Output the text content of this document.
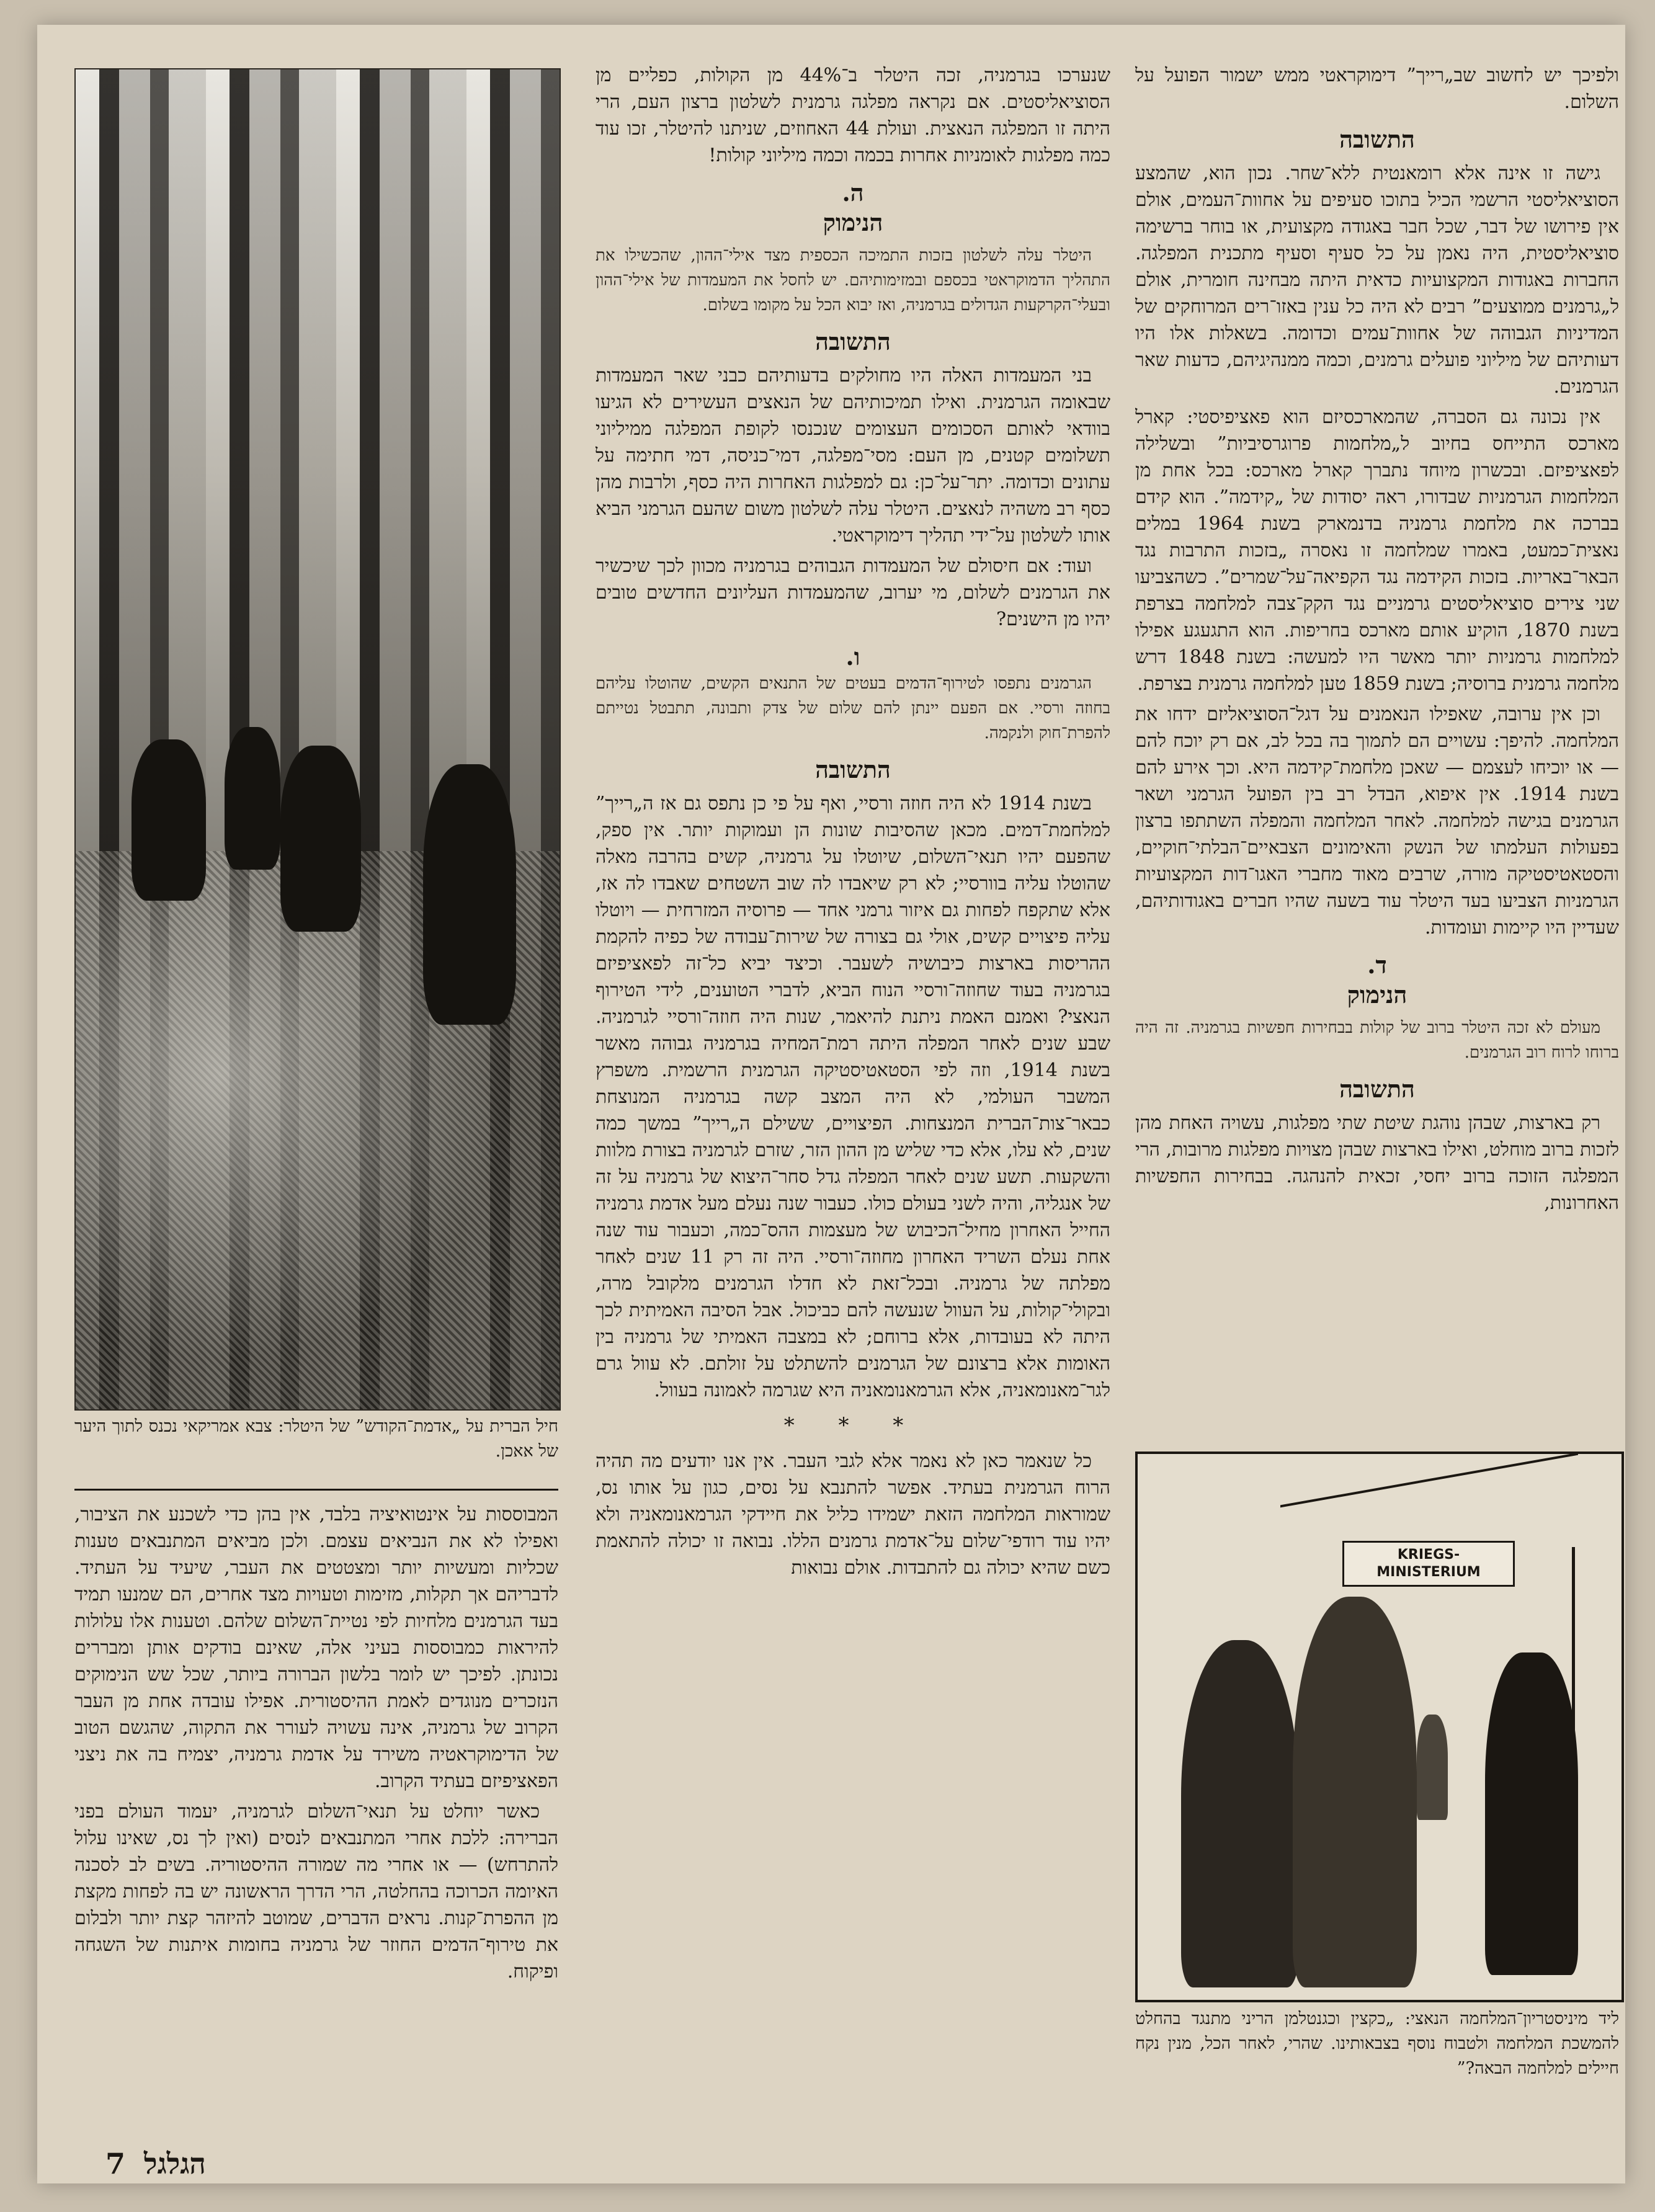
ולפיכך יש לחשוב שב„רייך” דימוקראטי ממש ישמור הפועל על השלום.

התשובה

גישה זו אינה אלא רומאנטית ללא־שחר. נכון הוא, שהמצע הסוציאליסטי הרשמי הכיל בתוכו סעיפים על אחוות־העמים, אולם אין פירושו של דבר, שכל חבר באגודה מקצועית, או בוחר ברשימה סוציאליסטית, היה נאמן על כל סעיף וסעיף מתכנית המפלגה. החברות באגודות המקצועיות כדאית היתה מבחינה חומרית, אולם ל„גרמנים ממוצעים” רבים לא היה כל ענין באזו־רים המרוחקים של המדיניות הגבוהה של אחוות־עמים וכדומה. בשאלות אלו היו דעותיהם של מיליוני פועלים גרמנים, וכמה ממנהיגיהם, כדעות שאר הגרמנים.

אין נכונה גם הסברה, שהמארכסיזם הוא פאציפיסטי: קארל מארכס התייחס בחיוב ל„מלחמות פרוגרסיביות” ובשלילה לפאציפיזם. ובכשרון מיוחד נתברך קארל מארכס: בכל אחת מן המלחמות הגרמניות שבדורו, ראה יסודות של „קידמה”. הוא קידם בברכה את מלחמת גרמניה בדנמארק בשנת 1964 במלים נאצית־כמעט, באמרו שמלחמה זו נאסרה „בזכות התרבות נגד הבאר־באריות. בזכות הקידמה נגד הקפיאה־על־שמרים”. כשהצביעו שני צירים סוציאליסטים גרמניים נגד הקק־צבה למלחמה בצרפת בשנת 1870, הוקיע אותם מארכס בחריפות. הוא התגעגע אפילו למלחמות גרמניות יותר מאשר היו למעשה: בשנת 1848 דרש מלחמה גרמנית ברוסיה; בשנת 1859 טען למלחמה גרמנית בצרפת.

וכן אין ערובה, שאפילו הנאמנים על דגל־הסוציאליזם ידחו את המלחמה. להיפך: עשויים הם לתמוך בה בכל לב, אם רק יוכח להם — או יוכיחו לעצמם — שאכן מלחמת־קידמה היא. וכך אירע להם בשנת 1914. אין איפוא, הבדל רב בין הפועל הגרמני ושאר הגרמנים בגישה למלחמה. לאחר המלחמה והמפלה השתתפו ברצון בפעולות העלמתו של הנשק והאימונים הצבאיים־הבלתי־חוקיים, והסטאטיסטיקה מורה, שרבים מאוד מחברי האגו־דות המקצועיות הגרמניות הצביעו בעד היטלר עוד בשעה שהיו חברים באגודותיהם, שעדיין היו קיימות ועומדות.

ד.
הנימוק

מעולם לא זכה היטלר ברוב של קולות בבחירות חפשיות בגרמניה. זה היה ברוחו לרוח רוב הגרמנים.

התשובה

רק בארצות, שבהן נוהגת שיטת שתי מפלגות, עשויה האחת מהן לזכות ברוב מוחלט, ואילו בארצות שבהן מצויות מפלגות מרובות, הרי המפלגה הזוכה ברוב יחסי, זכאית להנהגה. בבחירות החפשיות האחרונות,

שנערכו בגרמניה, זכה היטלר ב־44% מן הקולות, כפליים מן הסוציאליסטים. אם נקראה מפלגה גרמנית לשלטון ברצון העם, הרי היתה זו המפלגה הנאצית. ועולת 44 האחוזים, שניתנו להיטלר, זכו עוד כמה מפלגות לאומניות אחרות בכמה וכמה מיליוני קולות!

ה.
הנימוק

היטלר עלה לשלטון בזכות התמיכה הכספית מצד אילי־ההון, שהכשילו את התהליך הדמוקראטי בכספם ובמזימותיהם. יש לחסל את המעמדות של אילי־ההון ובעלי־הקרקעות הגדולים בגרמניה, ואז יבוא הכל על מקומו בשלום.

התשובה

בני המעמדות האלה היו מחולקים בדעותיהם כבני שאר המעמדות שבאומה הגרמנית. ואילו תמיכותיהם של הנאצים העשירים לא הגיעו בוודאי לאותם הסכומים העצומים שנכנסו לקופת המפלגה ממיליוני תשלומים קטנים, מן העם: מסי־מפלגה, דמי־כניסה, דמי חתימה על עתונים וכדומה. יתר־על־כן: גם למפלגות האחרות היה כסף, ולרבות מהן כסף רב משהיה לנאצים. היטלר עלה לשלטון משום שהעם הגרמני הביא אותו לשלטון על־ידי תהליך דימוקראטי.

ועוד: אם חיסולם של המעמדות הגבוהים בגרמניה מכוון לכך שיכשיר את הגרמנים לשלום, מי יערוב, שהמעמדות העליונים החדשים טובים יהיו מן הישנים?

ו.

הגרמנים נתפסו לטירוף־הדמים בעטים של התנאים הקשים, שהוטלו עליהם בחוזה ורסיי. אם הפעם יינתן להם שלום של צדק ותבונה, תתבטל נטייתם להפרת־חוק ולנקמה.

התשובה

בשנת 1914 לא היה חוזה ורסיי, ואף על פי כן נתפס גם אז ה„רייך” למלחמת־דמים. מכאן שהסיבות שונות הן ועמוקות יותר. אין ספק, שהפעם יהיו תנאי־השלום, שיוטלו על גרמניה, קשים בהרבה מאלה שהוטלו עליה בוורסיי; לא רק שיאבדו לה שוב השטחים שאבדו לה אז, אלא שתקפח לפחות גם איזור גרמני אחד — פרוסיה המזרחית — ויוטלו עליה פיצויים קשים, אולי גם בצורה של שירות־עבודה של כפיה להקמת ההריסות בארצות כיבושיה לשעבר. וכיצד יביא כל־זה לפאציפיזם בגרמניה בעוד שחוזה־ורסיי הנוח הביא, לדברי הטוענים, לידי הטירוף הנאצי? ואמנם האמת ניתנת להיאמר, שנות היה חוזה־ורסיי לגרמניה. שבע שנים לאחר המפלה היתה רמת־המחיה בגרמניה גבוהה מאשר בשנת 1914, וזה לפי הסטאטיסטיקה הגרמנית הרשמית. משפרץ המשבר העולמי, לא היה המצב קשה בגרמניה המנוצחת כבאר־צות־הברית המנצחות. הפיצויים, ששילם ה„רייך” במשך כמה שנים, לא עלו, אלא כדי שליש מן ההון הזר, שזרם לגרמניה בצורת מלוות והשקעות. תשע שנים לאחר המפלה גדל סחר־היצוא של גרמניה על זה של אנגליה, והיה לשני בעולם כולו. כעבור שנה נעלם מעל אדמת גרמניה החייל האחרון מחיל־הכיבוש של מעצמות ההס־כמה, וכעבור עוד שנה אחת נעלם השריד האחרון מחוזה־ורסיי. היה זה רק 11 שנים לאחר מפלתה של גרמניה. ובכל־זאת לא חדלו הגרמנים מלקובל מרה, ובקולי־קולות, על העוול שנעשה להם כביכול. אבל הסיבה האמיתית לכך היתה לא בעובדות, אלא ברוחם; לא במצבה האמיתי של גרמניה בין האומות אלא ברצונם של הגרמנים להשתלט על זולתם. לא עוול גרם לגר־מאנומאניה, אלא הגרמאנומאניה היא שגרמה לאמונה בעוול.

* * *

כל שנאמר כאן לא נאמר אלא לגבי העבר. אין אנו יודעים מה תהיה הרוח הגרמנית בעתיד. אפשר להתנבא על נסים, כגון על אותו נס, שמוראות המלחמה הזאת ישמידו כליל את חיידקי הגרמאנומאניה ולא יהיו עוד רודפי־שלום על־אדמת גרמנים הללו. נבואה זו יכולה להתאמת כשם שהיא יכולה גם להתבדות. אולם נבואות

חיל הברית על „אדמת־הקודש” של היטלר: צבא אמריקאי נכנס לתוך היער של אאכן.

המבוססות על אינטואיציה בלבד, אין בהן כדי לשכנע את הציבור, ואפילו לא את הנביאים עצמם. ולכן מביאים המתנבאים טענות שכליות ומעשיות יותר ומצטטים את העבר, שיעיד על העתיד. לדבריהם אך תקלות, מזימות וטעויות מצד אחרים, הם שמנעו תמיד בעד הגרמנים מלחיות לפי נטיית־השלום שלהם. וטענות אלו עלולות להיראות כמבוססות בעיני אלה, שאינם בודקים אותן ומבררים נכונתן. לפיכך יש לומר בלשון הברורה ביותר, שכל שש הנימוקים הנזכרים מנוגדים לאמת ההיסטורית. אפילו עובדה אחת מן העבר הקרוב של גרמניה, אינה עשויה לעורר את התקוה, שהגשם הטוב של הדימוקראטיה משירד על אדמת גרמניה, יצמיח בה את ניצני הפאציפיזם בעתיד הקרוב.

כאשר יוחלט על תנאי־השלום לגרמניה, יעמוד העולם בפני הברירה: ללכת אחרי המתנבאים לנסים (ואין לך נס, שאינו עלול להתרחש) — או אחרי מה שמורה ההיסטוריה. בשים לב לסכנה האיומה הכרוכה בהחלטה, הרי הדרך הראשונה יש בה לפחות מקצת מן ההפרת־קנות. נראים הדברים, שמוטב להיזהר קצת יותר ולבלום את טירוף־הדמים החוזר של גרמניה בחומות איתנות של השגחה ופיקוח.

KRIEGS-
MINISTERIUM
ליד מיניסטריון־המלחמה הנאצי: „כקצין וכגנטלמן הריני מתנגד בהחלט להמשכת המלחמה ולטבוח נוסף בצבאותינו. שהרי, לאחר הכל, מנין נקח חיילים למלחמה הבאה?”
הגלגל 7
